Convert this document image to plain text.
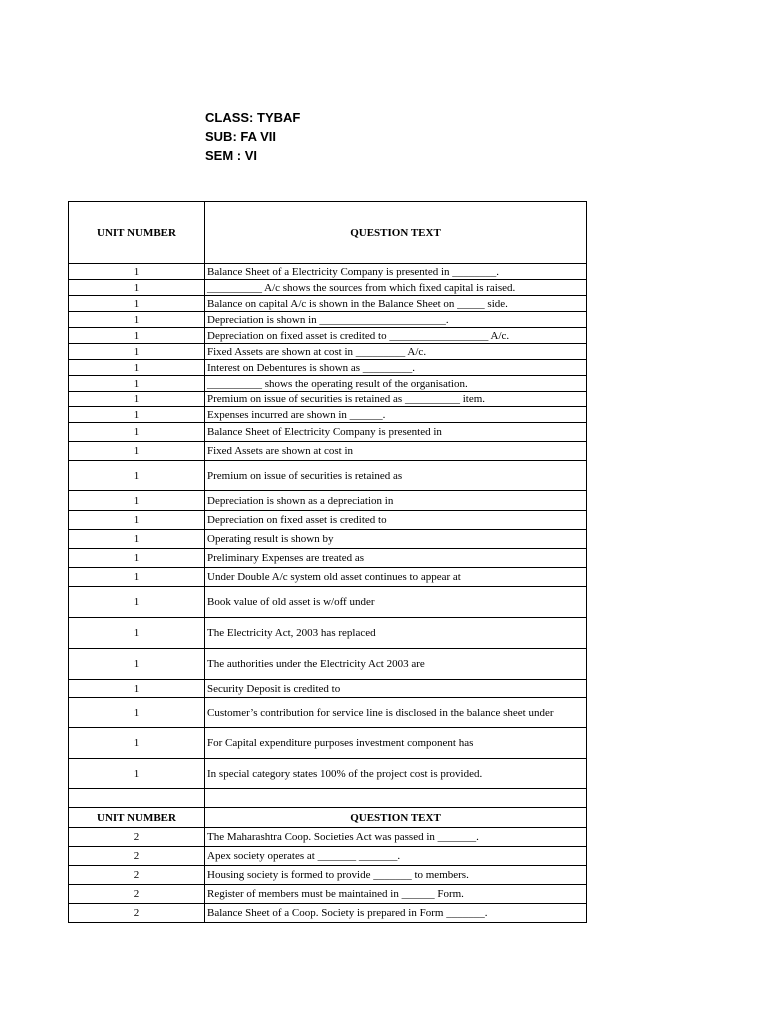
CLASS: TYBAF
SUB: FA VII
SEM : VI
UNIT NUMBER	QUESTION TEXT
1	Balance Sheet of a Electricity Company is presented in ________.
1	__________ A/c shows the sources from which fixed capital is raised.
1	Balance on capital A/c is shown in the Balance Sheet on _____ side.
1	Depreciation is shown in _______________________.
1	Depreciation on fixed asset is credited to __________________ A/c.
1	Fixed Assets are shown at cost in _________ A/c.
1	Interest on Debentures is shown as _________.
1	__________ shows the operating result of the organisation.
1	Premium on issue of securities is retained as __________ item.
1	Expenses incurred are shown in ______.
1	Balance Sheet of Electricity Company is presented in
1	Fixed Assets are shown at cost in
1	Premium on issue of securities is retained as
1	Depreciation is shown as a depreciation in
1	Depreciation on fixed asset is credited to
1	Operating result is shown by
1	Preliminary Expenses are treated as
1	Under Double A/c system old asset continues to appear at
1	Book value of old asset is w/off under
1	The Electricity Act, 2003 has replaced
1	The authorities under the Electricity Act 2003 are
1	Security Deposit is credited to
1	Customer’s contribution for service line is disclosed in the balance sheet under
1	For Capital expenditure purposes investment component has
1	In special category states 100% of the project cost is provided.

UNIT NUMBER	QUESTION TEXT
2	The Maharashtra Coop. Societies Act was passed in _______.
2	Apex society operates at _______ _______.
2	Housing society is formed to provide _______ to members.
2	Register of members must be maintained in ______ Form.
2	Balance Sheet of a Coop. Society is prepared in Form _______.
